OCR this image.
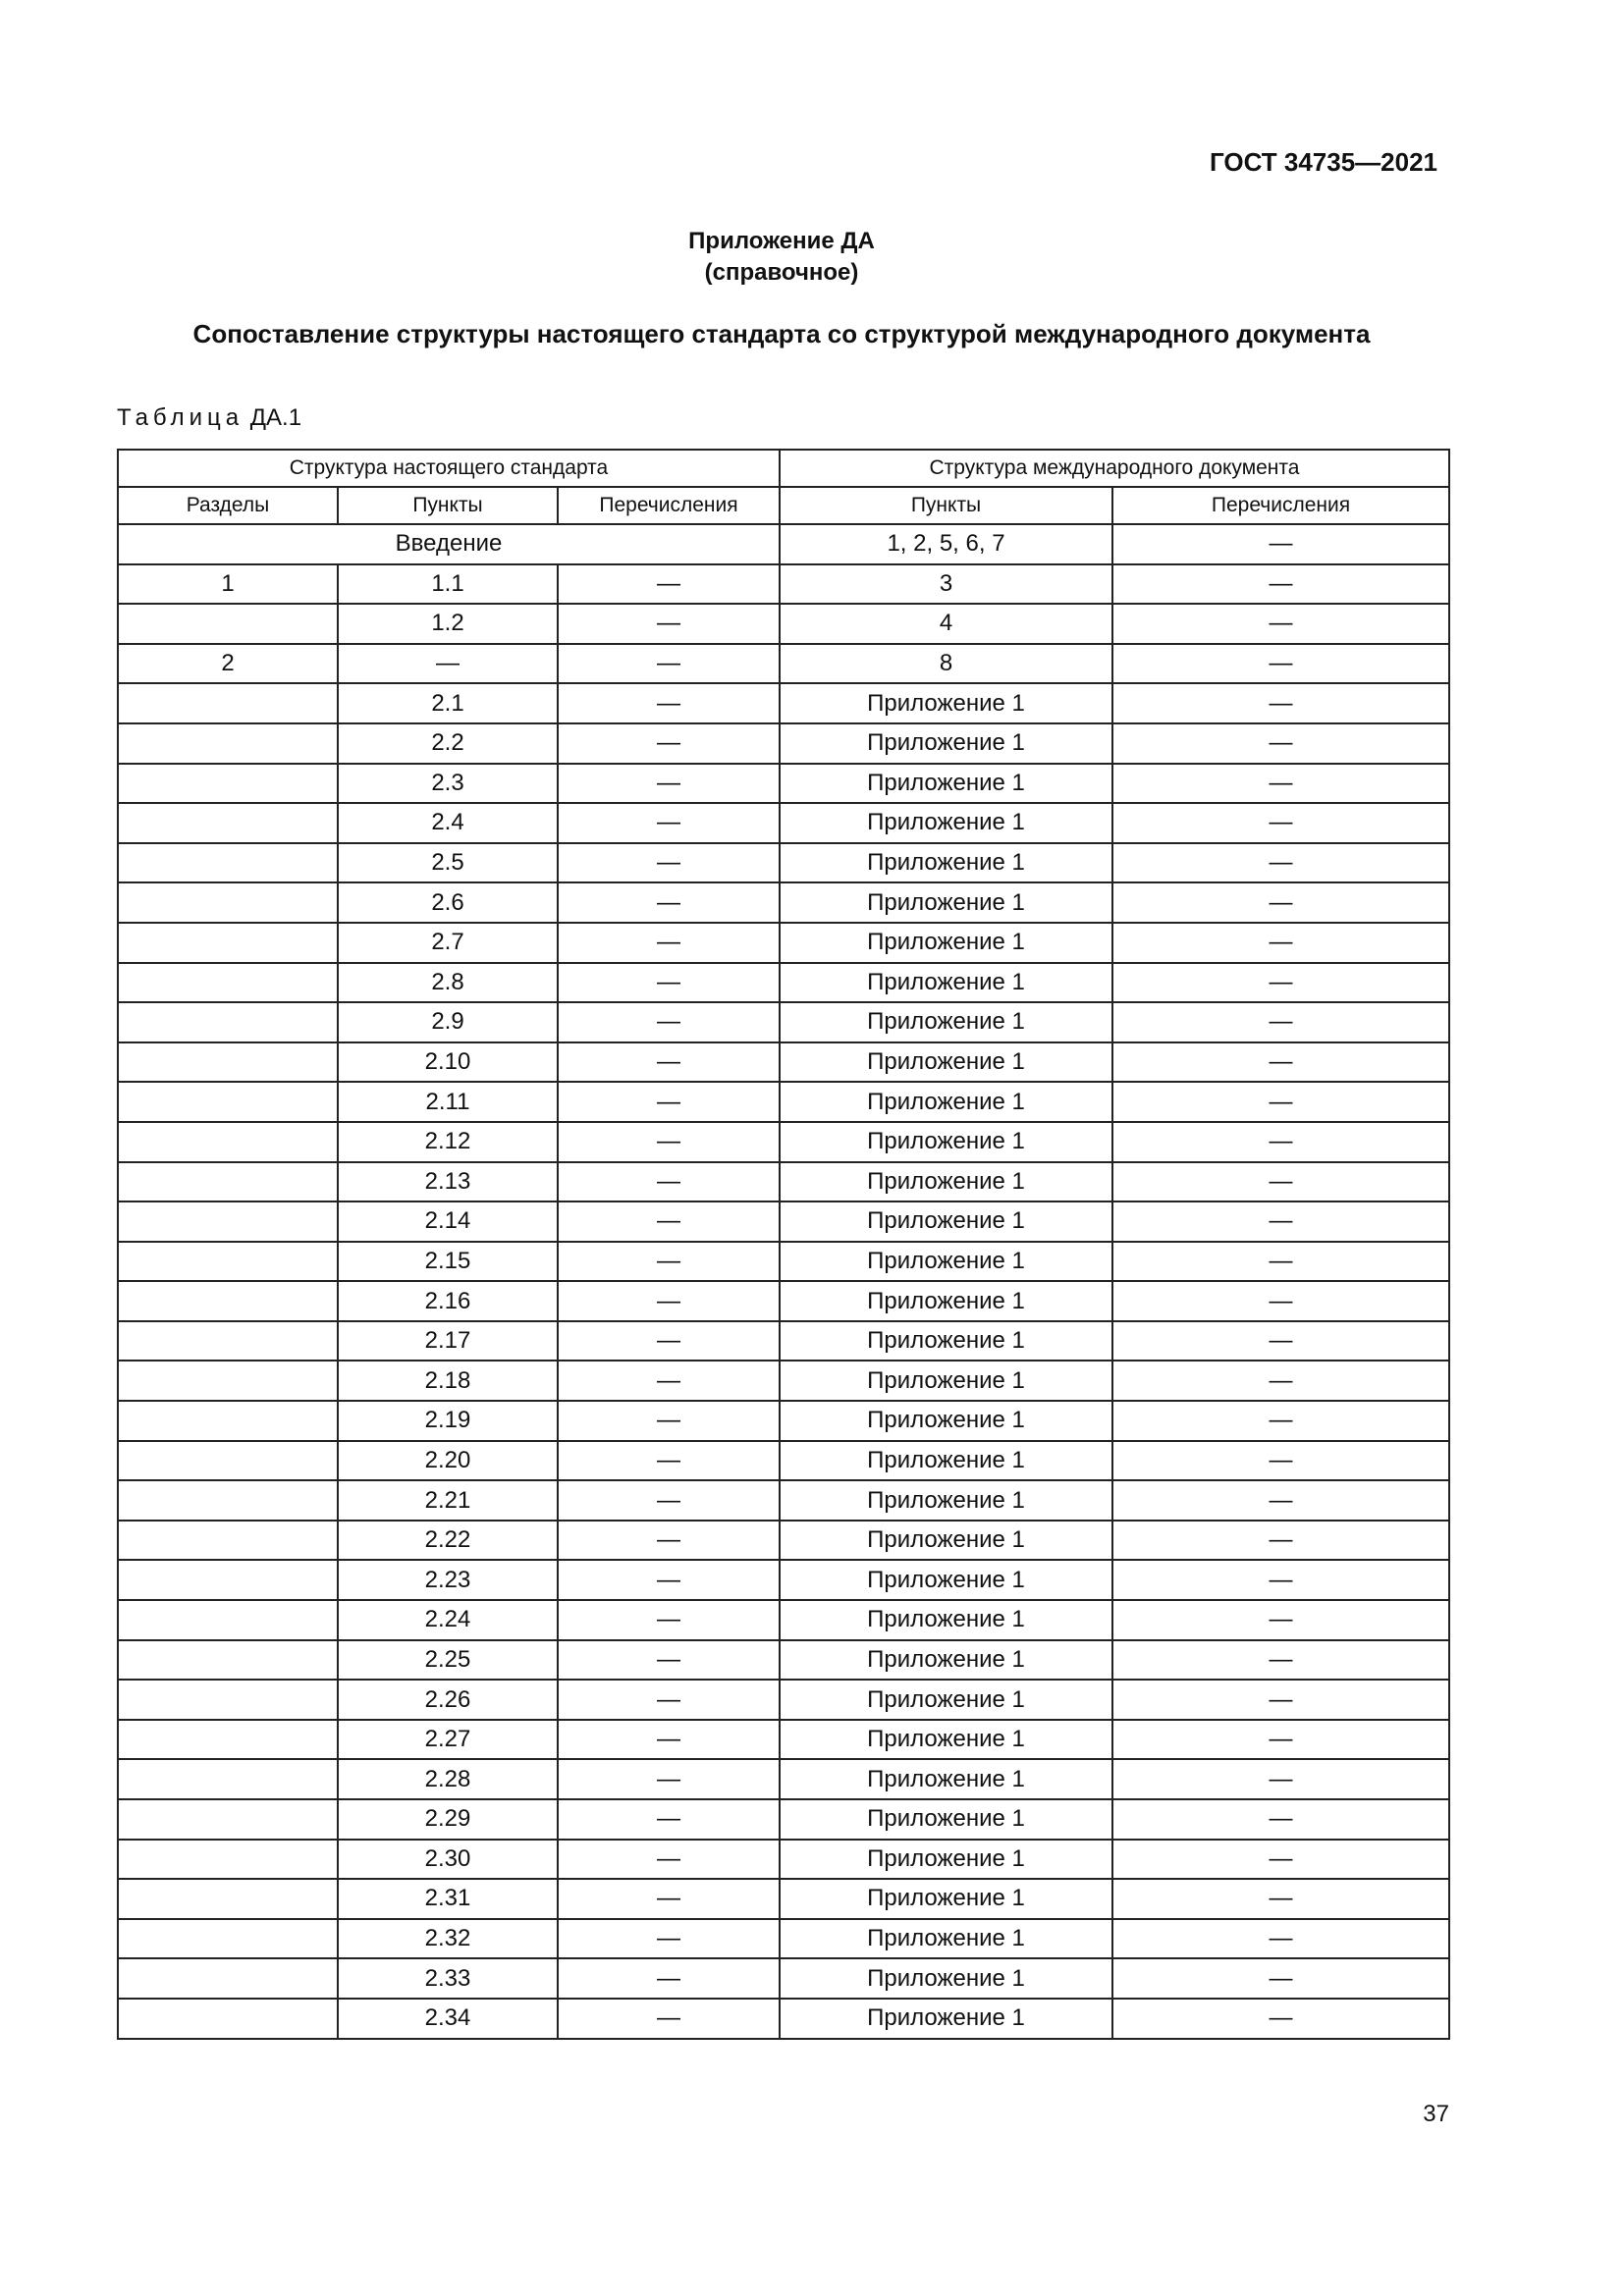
ГОСТ 34735—2021
Приложение ДА
(справочное)
Сопоставление структуры настоящего стандарта со структурой международного документа
Таблица ДА.1
Структура настоящего стандарта			Структура международного документа	
Разделы	Пункты	Перечисления	Пункты	Перечисления
Введение			1, 2, 5, 6, 7	—
1	1.1	—	3	—
	1.2	—	4	—
2	—	—	8	—
	2.1	—	Приложение 1	—
	2.2	—	Приложение 1	—
	2.3	—	Приложение 1	—
	2.4	—	Приложение 1	—
	2.5	—	Приложение 1	—
	2.6	—	Приложение 1	—
	2.7	—	Приложение 1	—
	2.8	—	Приложение 1	—
	2.9	—	Приложение 1	—
	2.10	—	Приложение 1	—
	2.11	—	Приложение 1	—
	2.12	—	Приложение 1	—
	2.13	—	Приложение 1	—
	2.14	—	Приложение 1	—
	2.15	—	Приложение 1	—
	2.16	—	Приложение 1	—
	2.17	—	Приложение 1	—
	2.18	—	Приложение 1	—
	2.19	—	Приложение 1	—
	2.20	—	Приложение 1	—
	2.21	—	Приложение 1	—
	2.22	—	Приложение 1	—
	2.23	—	Приложение 1	—
	2.24	—	Приложение 1	—
	2.25	—	Приложение 1	—
	2.26	—	Приложение 1	—
	2.27	—	Приложение 1	—
	2.28	—	Приложение 1	—
	2.29	—	Приложение 1	—
	2.30	—	Приложение 1	—
	2.31	—	Приложение 1	—
	2.32	—	Приложение 1	—
	2.33	—	Приложение 1	—
	2.34	—	Приложение 1	—
37
